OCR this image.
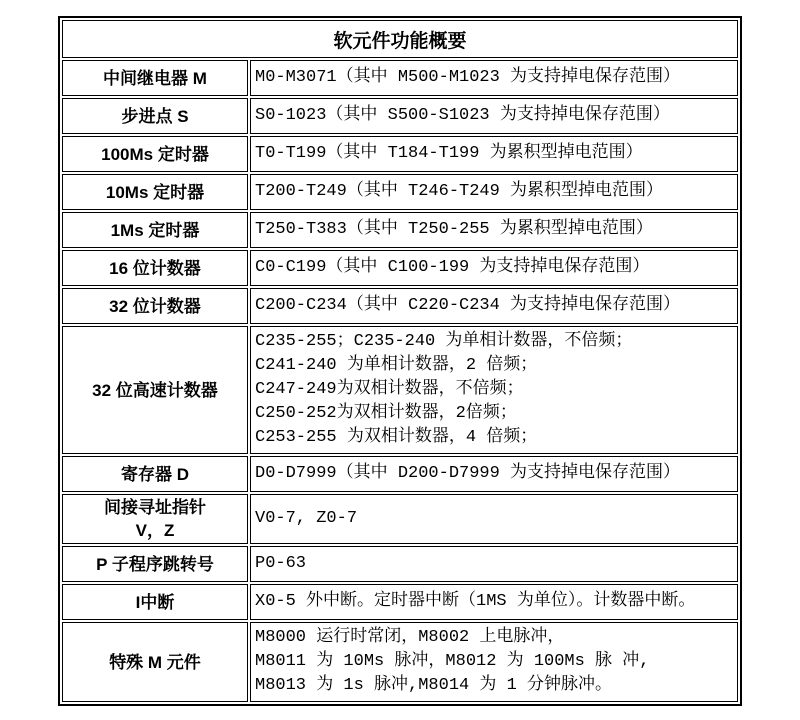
软元件功能概要	

中间继电器 M	M0-M3071（其中 M500-M1023 为支持掉电保存范围）

步进点 S	S0-1023（其中 S500-S1023 为支持掉电保存范围）

100Ms 定时器	T0-T199（其中 T184-T199 为累积型掉电范围）

10Ms 定时器	T200-T249（其中 T246-T249 为累积型掉电范围）

1Ms 定时器	T250-T383（其中 T250-255 为累积型掉电范围）

16 位计数器	C0-C199（其中 C100-199 为支持掉电保存范围）

32 位计数器	C200-C234（其中 C220-C234 为支持掉电保存范围）

32 位高速计数器	C235-255；C235-240 为单相计数器，不倍频；
C241-240 为单相计数器，2 倍频；
C247-249为双相计数器，不倍频；
C250-252为双相计数器，2倍频；
C253-255 为双相计数器，4 倍频；

寄存器 D	D0-D7999（其中 D200-D7999 为支持掉电保存范围）

间接寻址指针
V，Z	V0-7, Z0-7

P 子程序跳转号	P0-63

I中断	X0-5 外中断。定时器中断（1MS 为单位）。计数器中断。

特殊 M 元件	M8000 运行时常闭，M8002 上电脉冲，
M8011 为 10Ms 脉冲，M8012 为 100Ms 脉 冲,
M8013 为 1s 脉冲,M8014 为 1 分钟脉冲。
